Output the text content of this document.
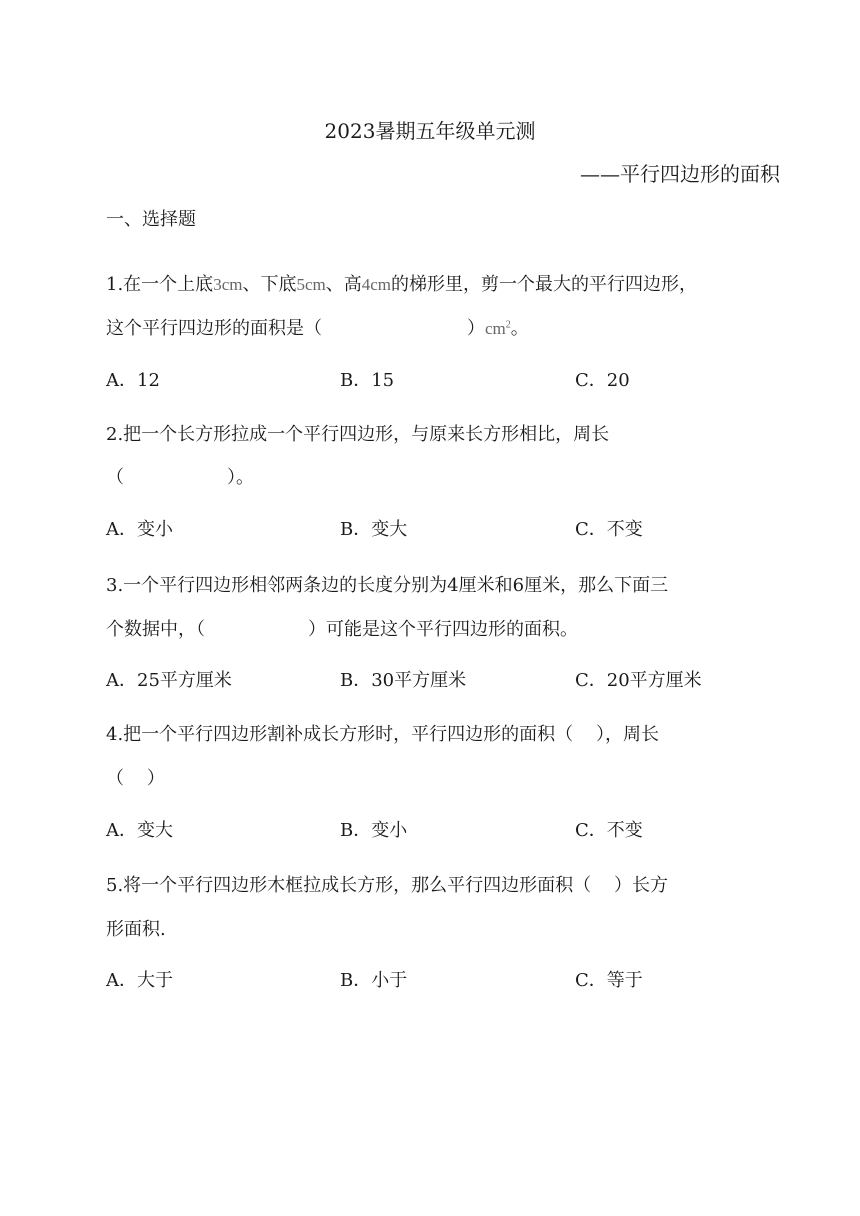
2023暑期五年级单元测
——平行四边形的面积
一、选择题
1.在一个上底3cm、下底5cm、高4cm的梯形里，剪一个最大的平行四边形，
这个平行四边形的面积是（	）$cm^2$。
A．12	B．15	C．20
2.把一个长方形拉成一个平行四边形，与原来长方形相比，周长
（                  ）。
A．变小	B．变大	C．不变
3.一个平行四边形相邻两条边的长度分别为4厘米和6厘米，那么下面三
个数据中，（                  ）可能是这个平行四边形的面积。
A．25平方厘米	B．30平方厘米	C．20平方厘米
4.把一个平行四边形割补成长方形时，平行四边形的面积（    ），周长
（    ）
A．变大	B．变小	C．不变
5.将一个平行四边形木框拉成长方形，那么平行四边形面积（    ）长方
形面积.
A．大于	B．小于	C．等于
